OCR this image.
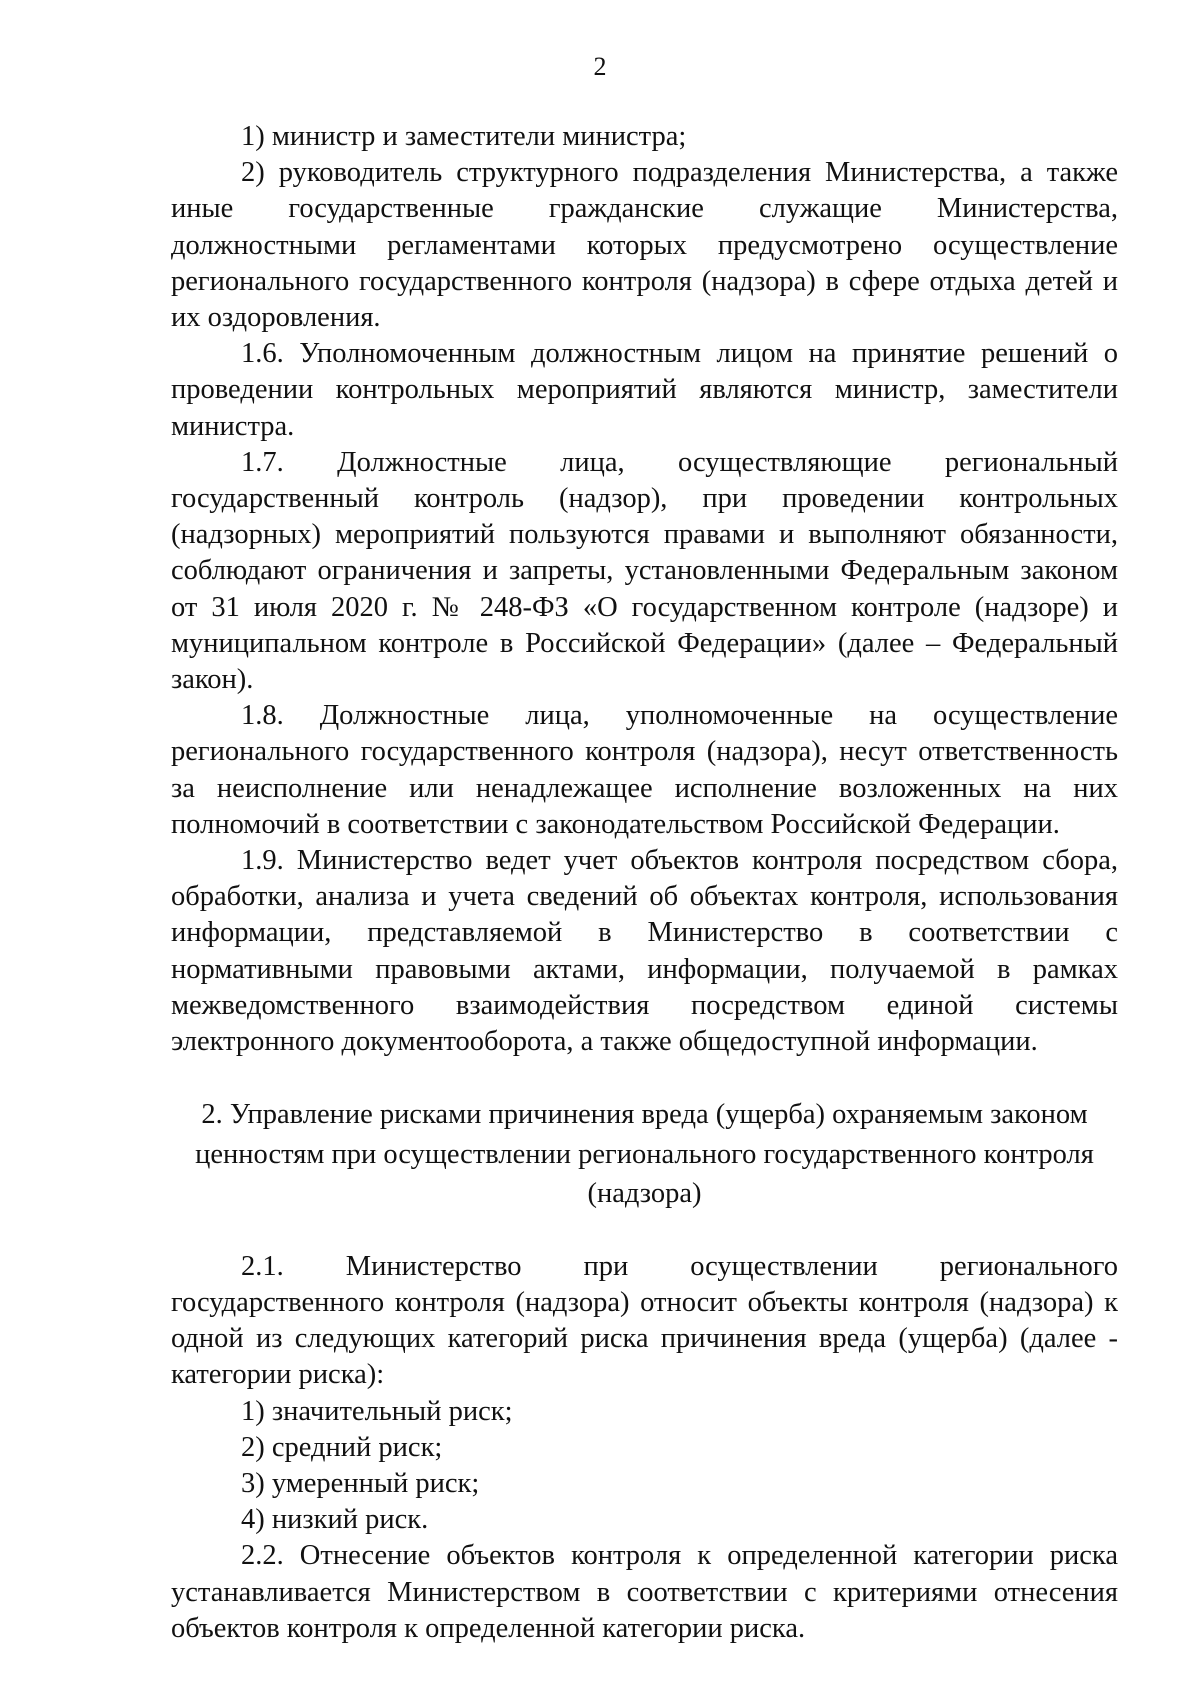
2

1) министр и заместители министра;

2) руководитель структурного подразделения Министерства, а также иные государственные гражданские служащие Министерства, должностными регламентами которых предусмотрено осуществление регионального государственного контроля (надзора) в сфере отдыха детей и их оздоровления.

1.6. Уполномоченным должностным лицом на принятие решений о проведении контрольных мероприятий являются министр, заместители министра.

1.7. Должностные лица, осуществляющие региональный государственный контроль (надзор), при проведении контрольных (надзорных) мероприятий пользуются правами и выполняют обязанности, соблюдают ограничения и запреты, установленными Федеральным законом от 31 июля 2020 г. № 248-ФЗ «О государственном контроле (надзоре) и муниципальном контроле в Российской Федерации» (далее – Федеральный закон).

1.8. Должностные лица, уполномоченные на осуществление регионального государственного контроля (надзора), несут ответственность за неисполнение или ненадлежащее исполнение возложенных на них полномочий в соответствии с законодательством Российской Федерации.

1.9. Министерство ведет учет объектов контроля посредством сбора, обработки, анализа и учета сведений об объектах контроля, использования информации, представляемой в Министерство в соответствии с нормативными правовыми актами, информации, получаемой в рамках межведомственного взаимодействия посредством единой системы электронного документооборота, а также общедоступной информации.

2. Управление рисками причинения вреда (ущерба) охраняемым законом
ценностям при осуществлении регионального государственного контроля
(надзора)

2.1. Министерство при осуществлении регионального государственного контроля (надзора) относит объекты контроля (надзора) к одной из следующих категорий риска причинения вреда (ущерба) (далее - категории риска):

1) значительный риск;

2) средний риск;

3) умеренный риск;

4) низкий риск.

2.2. Отнесение объектов контроля к определенной категории риска устанавливается Министерством в соответствии с критериями отнесения объектов контроля к определенной категории риска.
